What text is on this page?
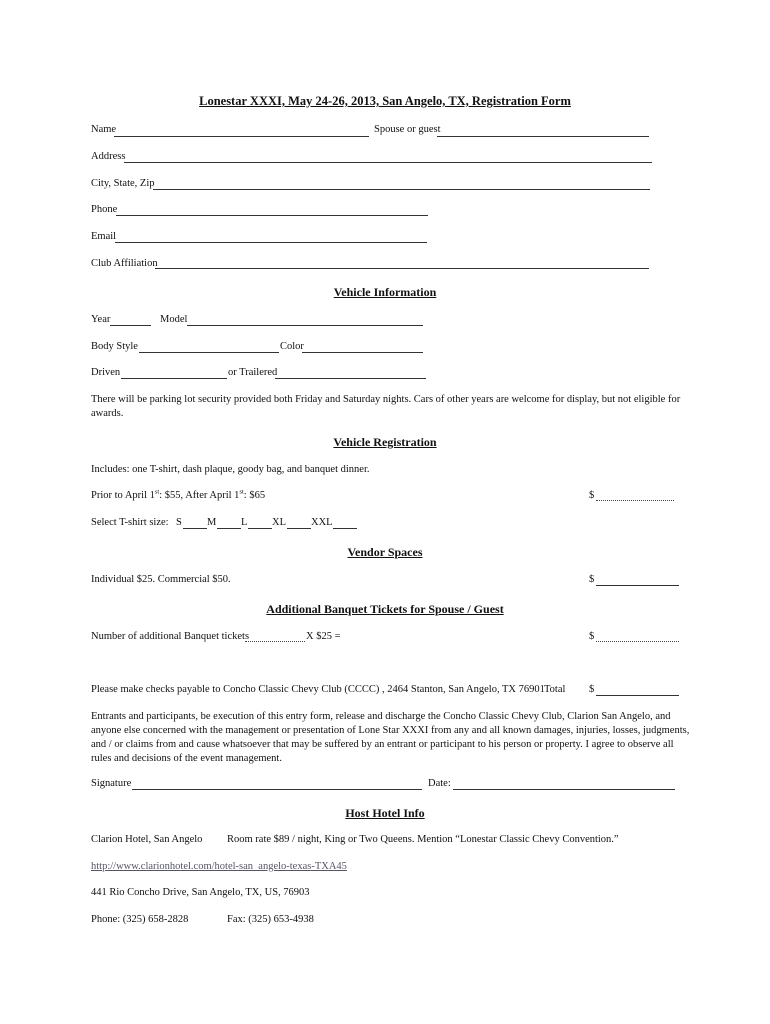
Lonestar XXXI, May 24-26, 2013, San Angelo, TX, Registration Form
Name	Spouse or guest
Address
City, State, Zip
Phone
Email
Club Affiliation
Vehicle Information
Year	Model
Body Style	Color
Driven	or Trailered
There will be parking lot security provided both Friday and Saturday nights. Cars of other years are welcome for display, but not eligible for awards.
Vehicle Registration
Includes: one T-shirt, dash plaque, goody bag, and banquet dinner.
Prior to April 1st: $55, After April 1st: $65	$
Select T-shirt size: S M L XL XXL
Vendor Spaces
Individual $25. Commercial $50.	$
Additional Banquet Tickets for Spouse / Guest
Number of additional Banquet tickets	X $25 =	$
Please make checks payable to Concho Classic Chevy Club (CCCC) , 2464 Stanton, San Angelo, TX 76901 Total $
Entrants and participants, be execution of this entry form, release and discharge the Concho Classic Chevy Club, Clarion San Angelo, and anyone else concerned with the management or presentation of Lone Star XXXI from any and all known damages, injuries, losses, judgments, and / or claims from and cause whatsoever that may be suffered by an entrant or participant to his person or property. I agree to observe all rules and decisions of the event management.
Signature	Date:
Host Hotel Info
Clarion Hotel, San Angelo Room rate $89 / night, King or Two Queens. Mention “Lonestar Classic Chevy Convention.”
http://www.clarionhotel.com/hotel-san_angelo-texas-TXA45
441 Rio Concho Drive, San Angelo, TX, US, 76903
Phone: (325) 658-2828	Fax: (325) 653-4938
